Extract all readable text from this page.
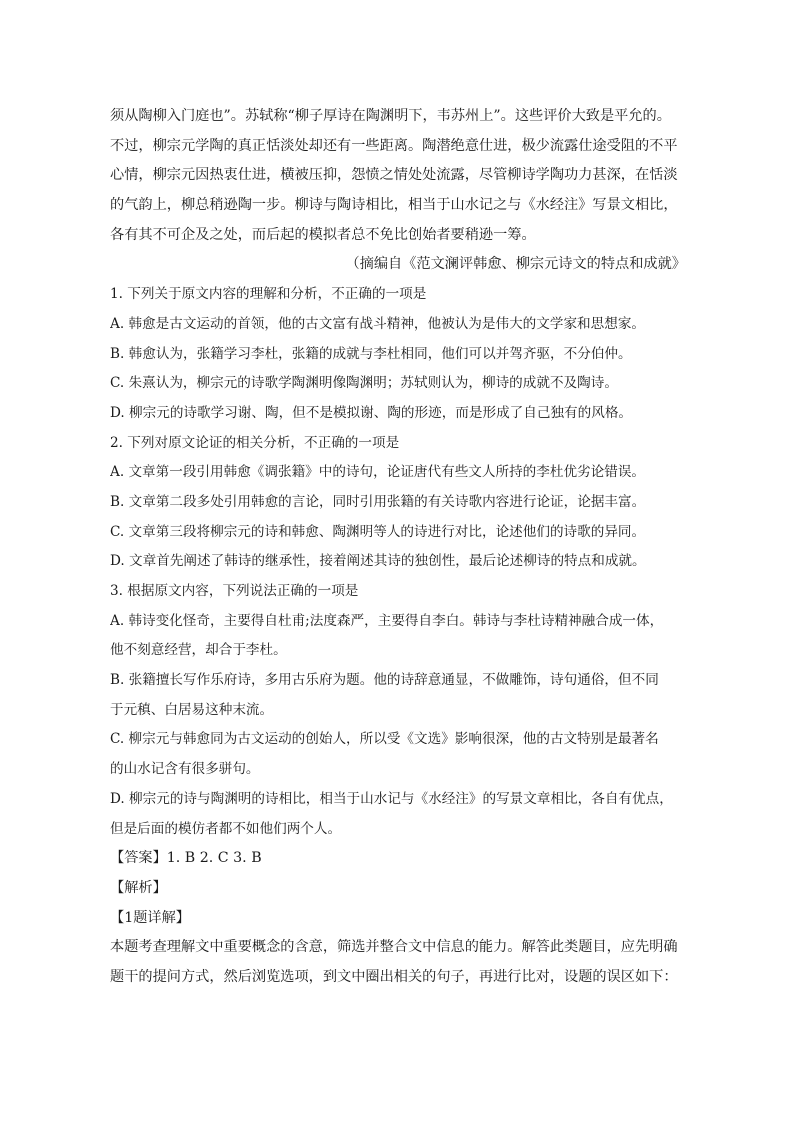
须从陶柳入门庭也”。苏轼称“柳子厚诗在陶渊明下，韦苏州上”。这些评价大致是平允的。
不过，柳宗元学陶的真正恬淡处却还有一些距离。陶潜绝意仕进，极少流露仕途受阻的不平
心情，柳宗元因热衷仕进，横被压抑，怨愤之情处处流露，尽管柳诗学陶功力甚深，在恬淡
的气韵上，柳总稍逊陶一步。柳诗与陶诗相比，相当于山水记之与《水经注》写景文相比，
各有其不可企及之处，而后起的模拟者总不免比创始者要稍逊一筹。
（摘编自《范文澜评韩愈、柳宗元诗文的特点和成就》
1. 下列关于原文内容的理解和分析，不正确的一项是
A. 韩愈是古文运动的首领，他的古文富有战斗精神，他被认为是伟大的文学家和思想家。
B. 韩愈认为，张籍学习李杜，张籍的成就与李杜相同，他们可以并驾齐驱，不分伯仲。
C. 朱熹认为，柳宗元的诗歌学陶渊明像陶渊明；苏轼则认为，柳诗的成就不及陶诗。
D. 柳宗元的诗歌学习谢、陶，但不是模拟谢、陶的形迹，而是形成了自己独有的风格。
2. 下列对原文论证的相关分析，不正确的一项是
A. 文章第一段引用韩愈《调张籍》中的诗句，论证唐代有些文人所持的李杜优劣论错误。
B. 文章第二段多处引用韩愈的言论，同时引用张籍的有关诗歌内容进行论证，论据丰富。
C. 文章第三段将柳宗元的诗和韩愈、陶渊明等人的诗进行对比，论述他们的诗歌的异同。
D. 文章首先阐述了韩诗的继承性，接着阐述其诗的独创性，最后论述柳诗的特点和成就。
3. 根据原文内容，下列说法正确的一项是
A. 韩诗变化怪奇，主要得自杜甫;法度森严，主要得自李白。韩诗与李杜诗精神融合成一体，
他不刻意经营，却合于李杜。
B. 张籍擅长写作乐府诗，多用古乐府为题。他的诗辞意通显，不做雕饰，诗句通俗，但不同
于元稹、白居易这种末流。
C. 柳宗元与韩愈同为古文运动的创始人，所以受《文选》影响很深，他的古文特别是最著名
的山水记含有很多骈句。
D. 柳宗元的诗与陶渊明的诗相比，相当于山水记与《水经注》的写景文章相比，各自有优点，
但是后面的模仿者都不如他们两个人。
【答案】1. B 2. C 3. B
【解析】
【1题详解】
本题考查理解文中重要概念的含意，筛选并整合文中信息的能力。解答此类题目，应先明确
题干的提问方式，然后浏览选项，到文中圈出相关的句子，再进行比对，设题的误区如下：
